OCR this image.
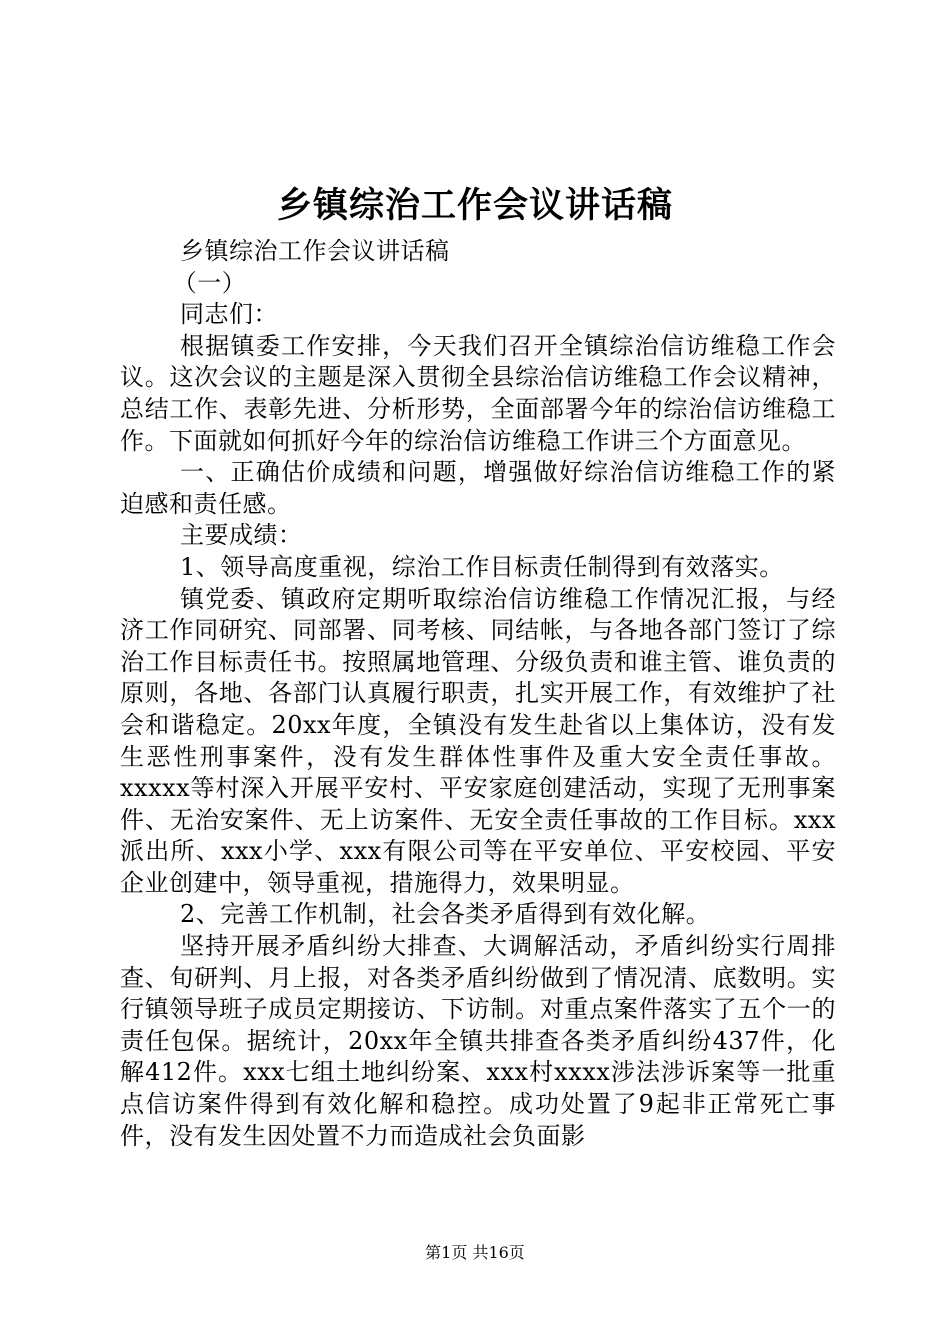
乡镇综治工作会议讲话稿

乡镇综治工作会议讲话稿

（一）

同志们：

根据镇委工作安排，今天我们召开全镇综治信访维稳工作会议。这次会议的主题是深入贯彻全县综治信访维稳工作会议精神，总结工作、表彰先进、分析形势，全面部署今年的综治信访维稳工作。下面就如何抓好今年的综治信访维稳工作讲三个方面意见。

一、正确估价成绩和问题，增强做好综治信访维稳工作的紧迫感和责任感。

主要成绩：

1、领导高度重视，综治工作目标责任制得到有效落实。

镇党委、镇政府定期听取综治信访维稳工作情况汇报，与经济工作同研究、同部署、同考核、同结帐，与各地各部门签订了综治工作目标责任书。按照属地管理、分级负责和谁主管、谁负责的原则，各地、各部门认真履行职责，扎实开展工作，有效维护了社会和谐稳定。20xx年度，全镇没有发生赴省以上集体访，没有发生恶性刑事案件，没有发生群体性事件及重大安全责任事故。xxxxx等村深入开展平安村、平安家庭创建活动，实现了无刑事案件、无治安案件、无上访案件、无安全责任事故的工作目标。xxx派出所、xxx小学、xxx有限公司等在平安单位、平安校园、平安企业创建中，领导重视，措施得力，效果明显。

2、完善工作机制，社会各类矛盾得到有效化解。

坚持开展矛盾纠纷大排查、大调解活动，矛盾纠纷实行周排查、旬研判、月上报，对各类矛盾纠纷做到了情况清、底数明。实行镇领导班子成员定期接访、下访制。对重点案件落实了五个一的责任包保。据统计，20xx年全镇共排查各类矛盾纠纷437件，化解412件。xxx七组土地纠纷案、xxx村xxxx涉法涉诉案等一批重点信访案件得到有效化解和稳控。成功处置了9起非正常死亡事件，没有发生因处置不力而造成社会负面影

第1页 共16页
